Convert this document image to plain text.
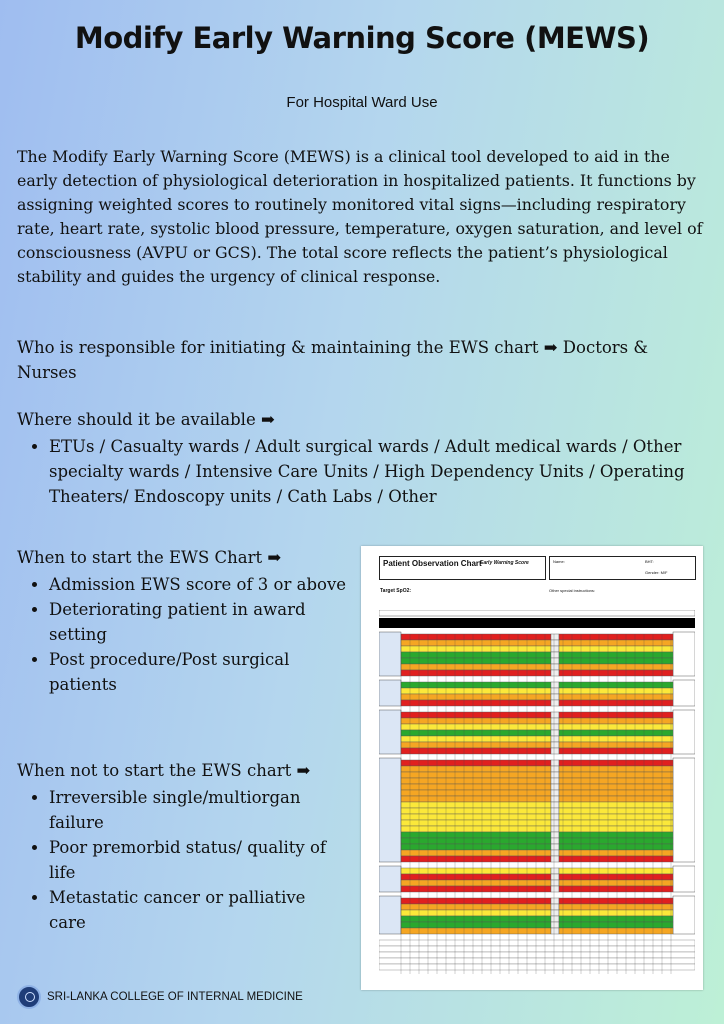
Modify Early Warning Score (MEWS)
For Hospital Ward Use
The Modify Early Warning Score (MEWS) is a clinical tool developed to aid in the early detection of physiological deterioration in hospitalized patients. It functions by assigning weighted scores to routinely monitored vital signs—including respiratory rate, heart rate, systolic blood pressure, temperature, oxygen saturation, and level of consciousness (AVPU or GCS). The total score reflects the patient’s physiological stability and guides the urgency of clinical response.
Who is responsible for initiating & maintaining the EWS chart ➡ Doctors & Nurses
Where should it be available ➡
• ETUs / Casualty wards / Adult surgical wards / Adult medical wards / Other specialty wards / Intensive Care Units / High Dependency Units / Operating Theaters/ Endoscopy units / Cath Labs / Other
When to start the EWS Chart ➡
• Admission EWS score of 3 or above
• Deteriorating patient in award setting
• Post procedure/Post surgical patients
When not to start the EWS chart ➡
• Irreversible single/multiorgan failure
• Poor premorbid status/ quality of life
• Metastatic cancer or palliative care
Patient Observation Chart
Early Warning Score	Name:	BHT:
Gender: M/F
Target SpO2:	Other special instructions:
SRI-LANKA COLLEGE OF INTERNAL MEDICINE
